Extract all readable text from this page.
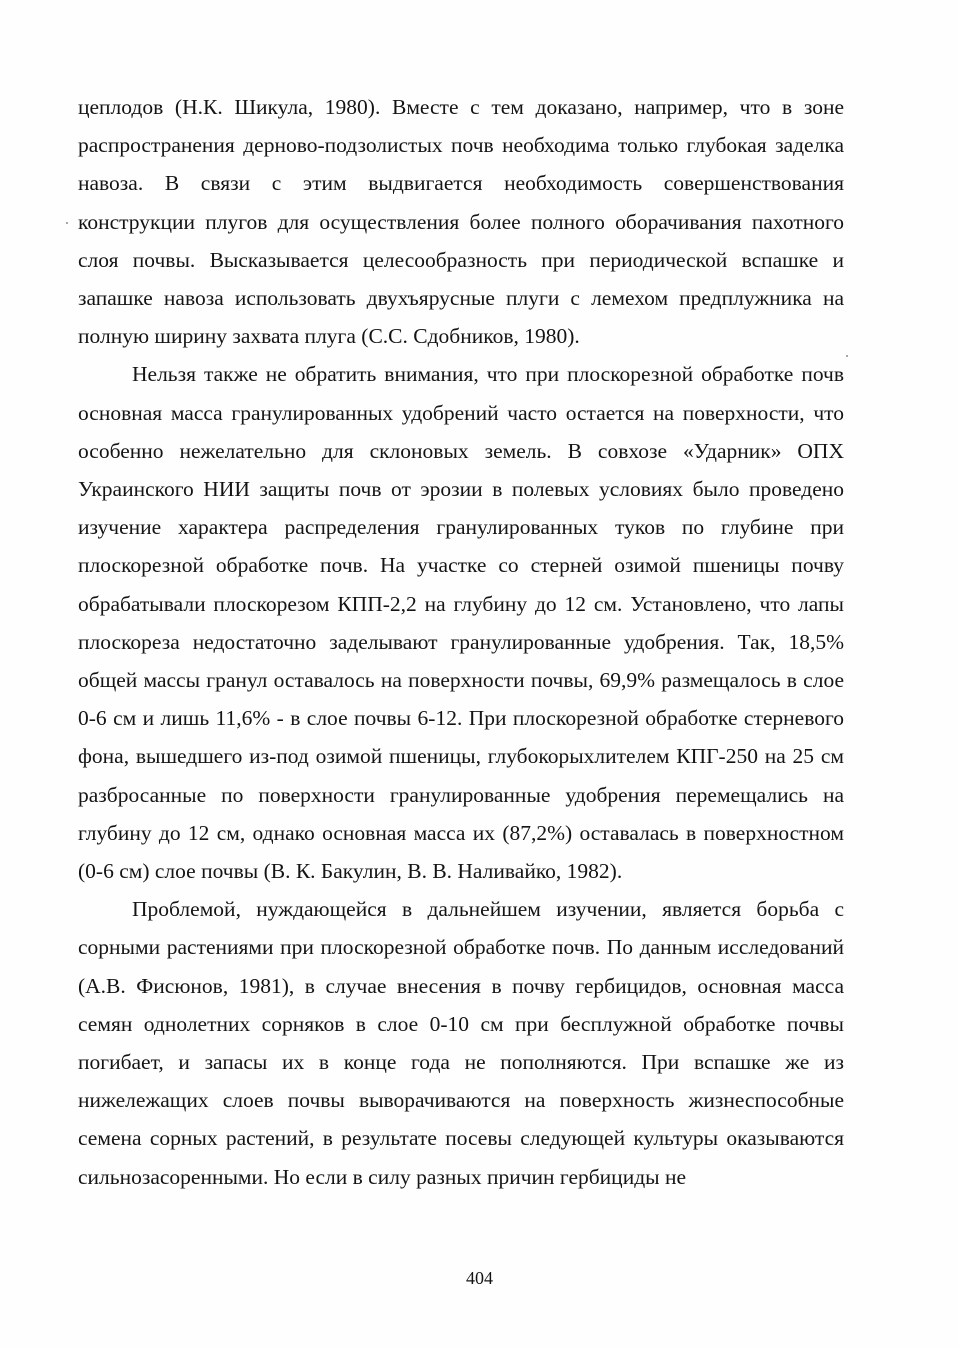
цеплодов (Н.К. Шикула, 1980). Вместе с тем доказано, например, что в зоне распространения дерново-подзолистых почв необходима только глубокая заделка навоза. В связи с этим выдвигается необходимость совершенствования конструкции плугов для осуществления более полного оборачивания пахотного слоя почвы. Высказывается целесообразность при периодической вспашке и запашке навоза использовать двухъярусные плуги с лемехом предплужника на полную ширину захвата плуга (С.С. Сдобников, 1980).

Нельзя также не обратить внимания, что при плоскорезной обработке почв основная масса гранулированных удобрений часто остается на поверхности, что особенно нежелательно для склоновых земель. В совхозе «Ударник» ОПХ Украинского НИИ защиты почв от эрозии в полевых условиях было проведено изучение характера распределения гранулированных туков по глубине при плоскорезной обработке почв. На участке со стерней озимой пшеницы почву обрабатывали плоскорезом КПП-2,2 на глубину до 12 см. Установлено, что лапы плоскореза недостаточно заделывают гранулированные удобрения. Так, 18,5% общей массы гранул оставалось на поверхности почвы, 69,9% размещалось в слое 0-6 см и лишь 11,6% - в слое почвы 6-12. При плоскорезной обработке стерневого фона, вышедшего из-под озимой пшеницы, глубокорыхлителем КПГ-250 на 25 см разбросанные по поверхности гранулированные удобрения перемещались на глубину до 12 см, однако основная масса их (87,2%) оставалась в поверхностном (0-6 см) слое почвы (В. К. Бакулин, В. В. Наливайко, 1982).

Проблемой, нуждающейся в дальнейшем изучении, является борьба с сорными растениями при плоскорезной обработке почв. По данным исследований (А.В. Фисюнов, 1981), в случае внесения в почву гербицидов, основная масса семян однолетних сорняков в слое 0-10 см при бесплужной обработке почвы погибает, и запасы их в конце года не пополняются. При вспашке же из нижележащих слоев почвы выворачиваются на поверхность жизнеспособные семена сорных растений, в результате посевы следующей культуры оказываются сильнозасоренными. Но если в силу разных причин гербициды не

404
